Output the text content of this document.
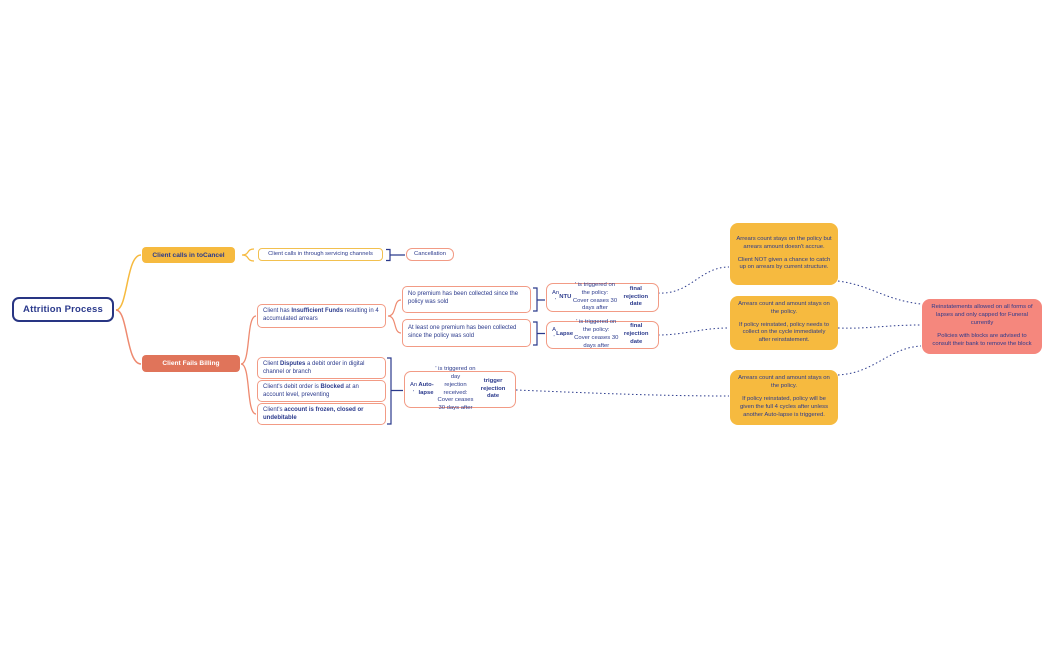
Attrition Process
Client calls in to Cancel	Client calls in through servicing channels	Cancellation
Client Fails Billing
Client has Insufficient Funds resulting in 4 accumulated arrears
No premium has been collected since the policy was sold
At least one premium has been collected since the policy was sold
An '
NTU
' is triggered on the policy:
Cover ceases 30 days after

final rejection date
A '
Lapse
' is triggered on the policy:
Cover ceases 30 days after

final rejection date
Client Disputes a debit order in digital channel or branch
Client's debit order is Blocked at an account level, preventing
Client's account is frozen, closed or undebitable
An '
Auto-lapse
' is triggered on day
rejection received:
Cover ceases 30 days after

trigger rejection date
Arrears count stays on the policy but arrears amount doesn't accrue.
Client NOT given a chance to catch up on arrears by current structure.
Arrears count and amount stays on the policy.
If policy reinstated, policy needs to collect on the cycle immediately after reinstatement.
Arrears count and amount stays on the policy.
If policy reinstated, policy will be given the full 4 cycles after unless another Auto-lapse is triggered.
Reinstatements allowed on all forms of lapses and only capped for Funeral currently
Policies with blocks are advised to consult their bank to remove the block
